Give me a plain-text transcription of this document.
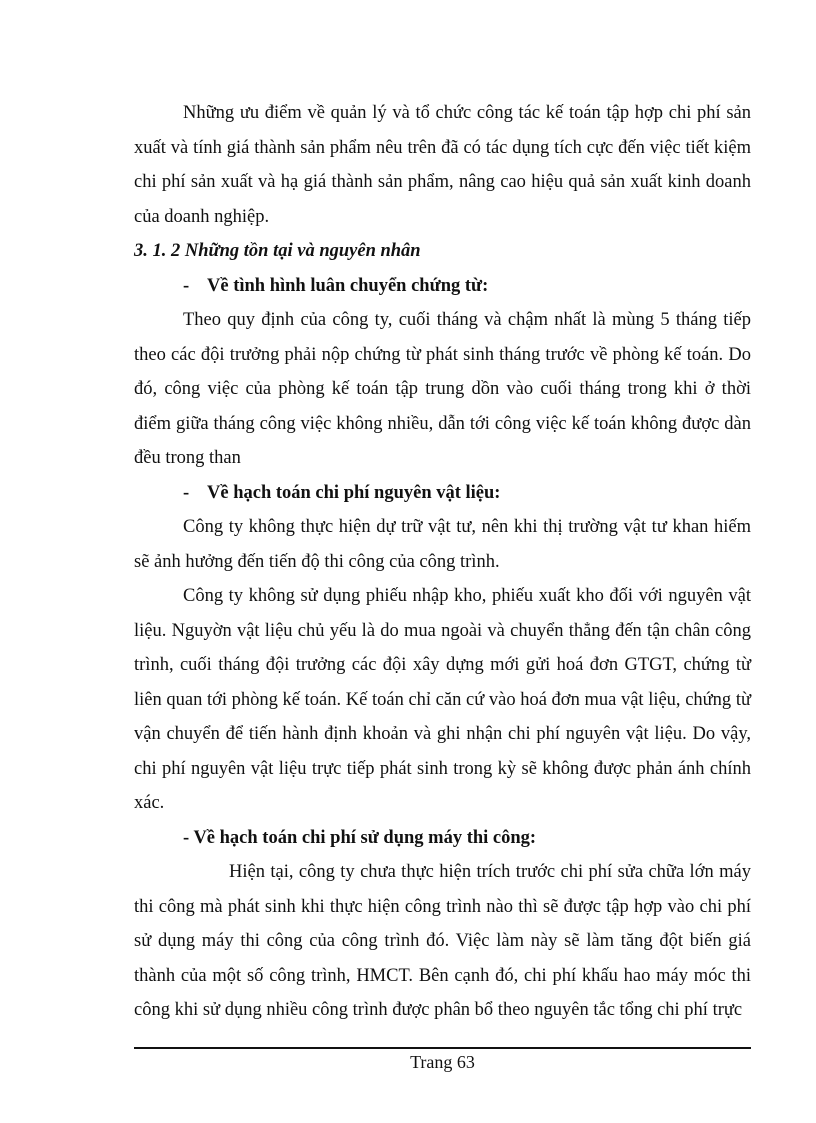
Những ưu điểm về quản lý và tổ chức công tác kế toán tập hợp chi phí sản xuất và tính giá thành sản phẩm nêu trên đã có tác dụng tích cực đến việc tiết kiệm chi phí sản xuất và hạ giá thành sản phẩm, nâng cao hiệu quả sản xuất kinh doanh của doanh nghiệp.

3. 1. 2 Những tồn tại và nguyên nhân

- Về tình hình luân chuyển chứng từ:

Theo quy định của công ty, cuối tháng và chậm nhất là mùng 5 tháng tiếp theo các đội trưởng phải nộp chứng từ phát sinh tháng trước về phòng kế toán. Do đó, công việc của phòng kế toán tập trung dồn vào cuối tháng trong khi ở thời điểm giữa tháng công việc không nhiều, dẫn tới công việc kế toán không được dàn đều trong than

- Về hạch toán chi phí nguyên vật liệu:

Công ty không thực hiện dự trữ vật tư, nên khi thị trường vật tư khan hiếm sẽ ảnh hưởng đến tiến độ thi công của công trình.

Công ty không sử dụng phiếu nhập kho, phiếu xuất kho đối với nguyên vật liệu. Nguyờn vật liệu chủ yếu là do mua ngoài và chuyển thẳng đến tận chân công trình, cuối tháng đội trưởng các đội xây dựng mới gửi hoá đơn GTGT, chứng từ liên quan tới phòng kế toán. Kế toán chỉ căn cứ vào hoá đơn mua vật liệu, chứng từ vận chuyển để tiến hành định khoản và ghi nhận chi phí nguyên vật liệu. Do vậy, chi phí nguyên vật liệu trực tiếp phát sinh trong kỳ sẽ không được phản ánh chính xác.

- Về hạch toán chi phí sử dụng máy thi công:

Hiện tại, công ty chưa thực hiện trích trước chi phí sửa chữa lớn máy thi công mà phát sinh khi thực hiện công trình nào thì sẽ được tập hợp vào chi phí sử dụng máy thi công của công trình đó. Việc làm này sẽ làm tăng đột biến giá thành của một số công trình, HMCT. Bên cạnh đó, chi phí khấu hao máy móc thi công khi sử dụng nhiều công trình được phân bổ theo nguyên tắc tổng chi phí trực

Trang 63
